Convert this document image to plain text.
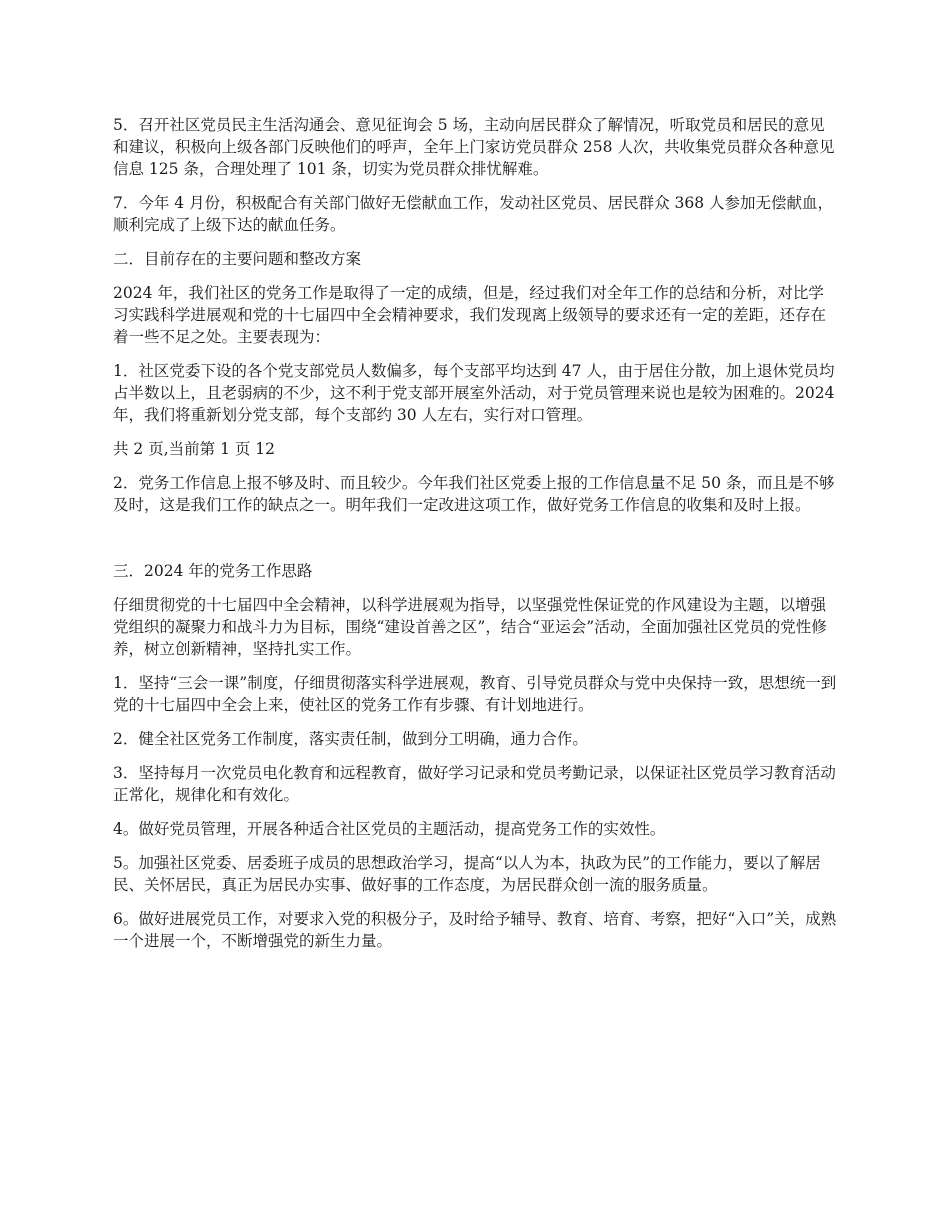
5．召开社区党员民主生活沟通会、意见征询会 5 场，主动向居民群众了解情况，听取党员和居民的意见和建议，积极向上级各部门反映他们的呼声，全年上门家访党员群众 258 人次，共收集党员群众各种意见信息 125 条，合理处理了 101 条，切实为党员群众排忧解难。

7．今年 4 月份，积极配合有关部门做好无偿献血工作，发动社区党员、居民群众 368 人参加无偿献血，顺利完成了上级下达的献血任务。

二．目前存在的主要问题和整改方案

2024 年，我们社区的党务工作是取得了一定的成绩，但是，经过我们对全年工作的总结和分析，对比学习实践科学进展观和党的十七届四中全会精神要求，我们发现离上级领导的要求还有一定的差距，还存在着一些不足之处。主要表现为：

1．社区党委下设的各个党支部党员人数偏多，每个支部平均达到 47 人，由于居住分散，加上退休党员均占半数以上，且老弱病的不少，这不利于党支部开展室外活动，对于党员管理来说也是较为困难的。2024 年，我们将重新划分党支部，每个支部约 30 人左右，实行对口管理。

共 2 页,当前第 1 页 12

2．党务工作信息上报不够及时、而且较少。今年我们社区党委上报的工作信息量不足 50 条，而且是不够及时，这是我们工作的缺点之一。明年我们一定改进这项工作，做好党务工作信息的收集和及时上报。

三．2024 年的党务工作思路

仔细贯彻党的十七届四中全会精神，以科学进展观为指导，以坚强党性保证党的作风建设为主题，以增强党组织的凝聚力和战斗力为目标，围绕“建设首善之区”，结合“亚运会”活动，全面加强社区党员的党性修养，树立创新精神，坚持扎实工作。

1．坚持“三会一课”制度，仔细贯彻落实科学进展观，教育、引导党员群众与党中央保持一致，思想统一到党的十七届四中全会上来，使社区的党务工作有步骤、有计划地进行。

2．健全社区党务工作制度，落实责任制，做到分工明确，通力合作。

3．坚持每月一次党员电化教育和远程教育，做好学习记录和党员考勤记录，以保证社区党员学习教育活动正常化，规律化和有效化。

4。做好党员管理，开展各种适合社区党员的主题活动，提高党务工作的实效性。

5。加强社区党委、居委班子成员的思想政治学习，提高“以人为本，执政为民”的工作能力，要以了解居民、关怀居民，真正为居民办实事、做好事的工作态度，为居民群众创一流的服务质量。

6。做好进展党员工作，对要求入党的积极分子，及时给予辅导、教育、培育、考察，把好“入口”关，成熟一个进展一个，不断增强党的新生力量。
